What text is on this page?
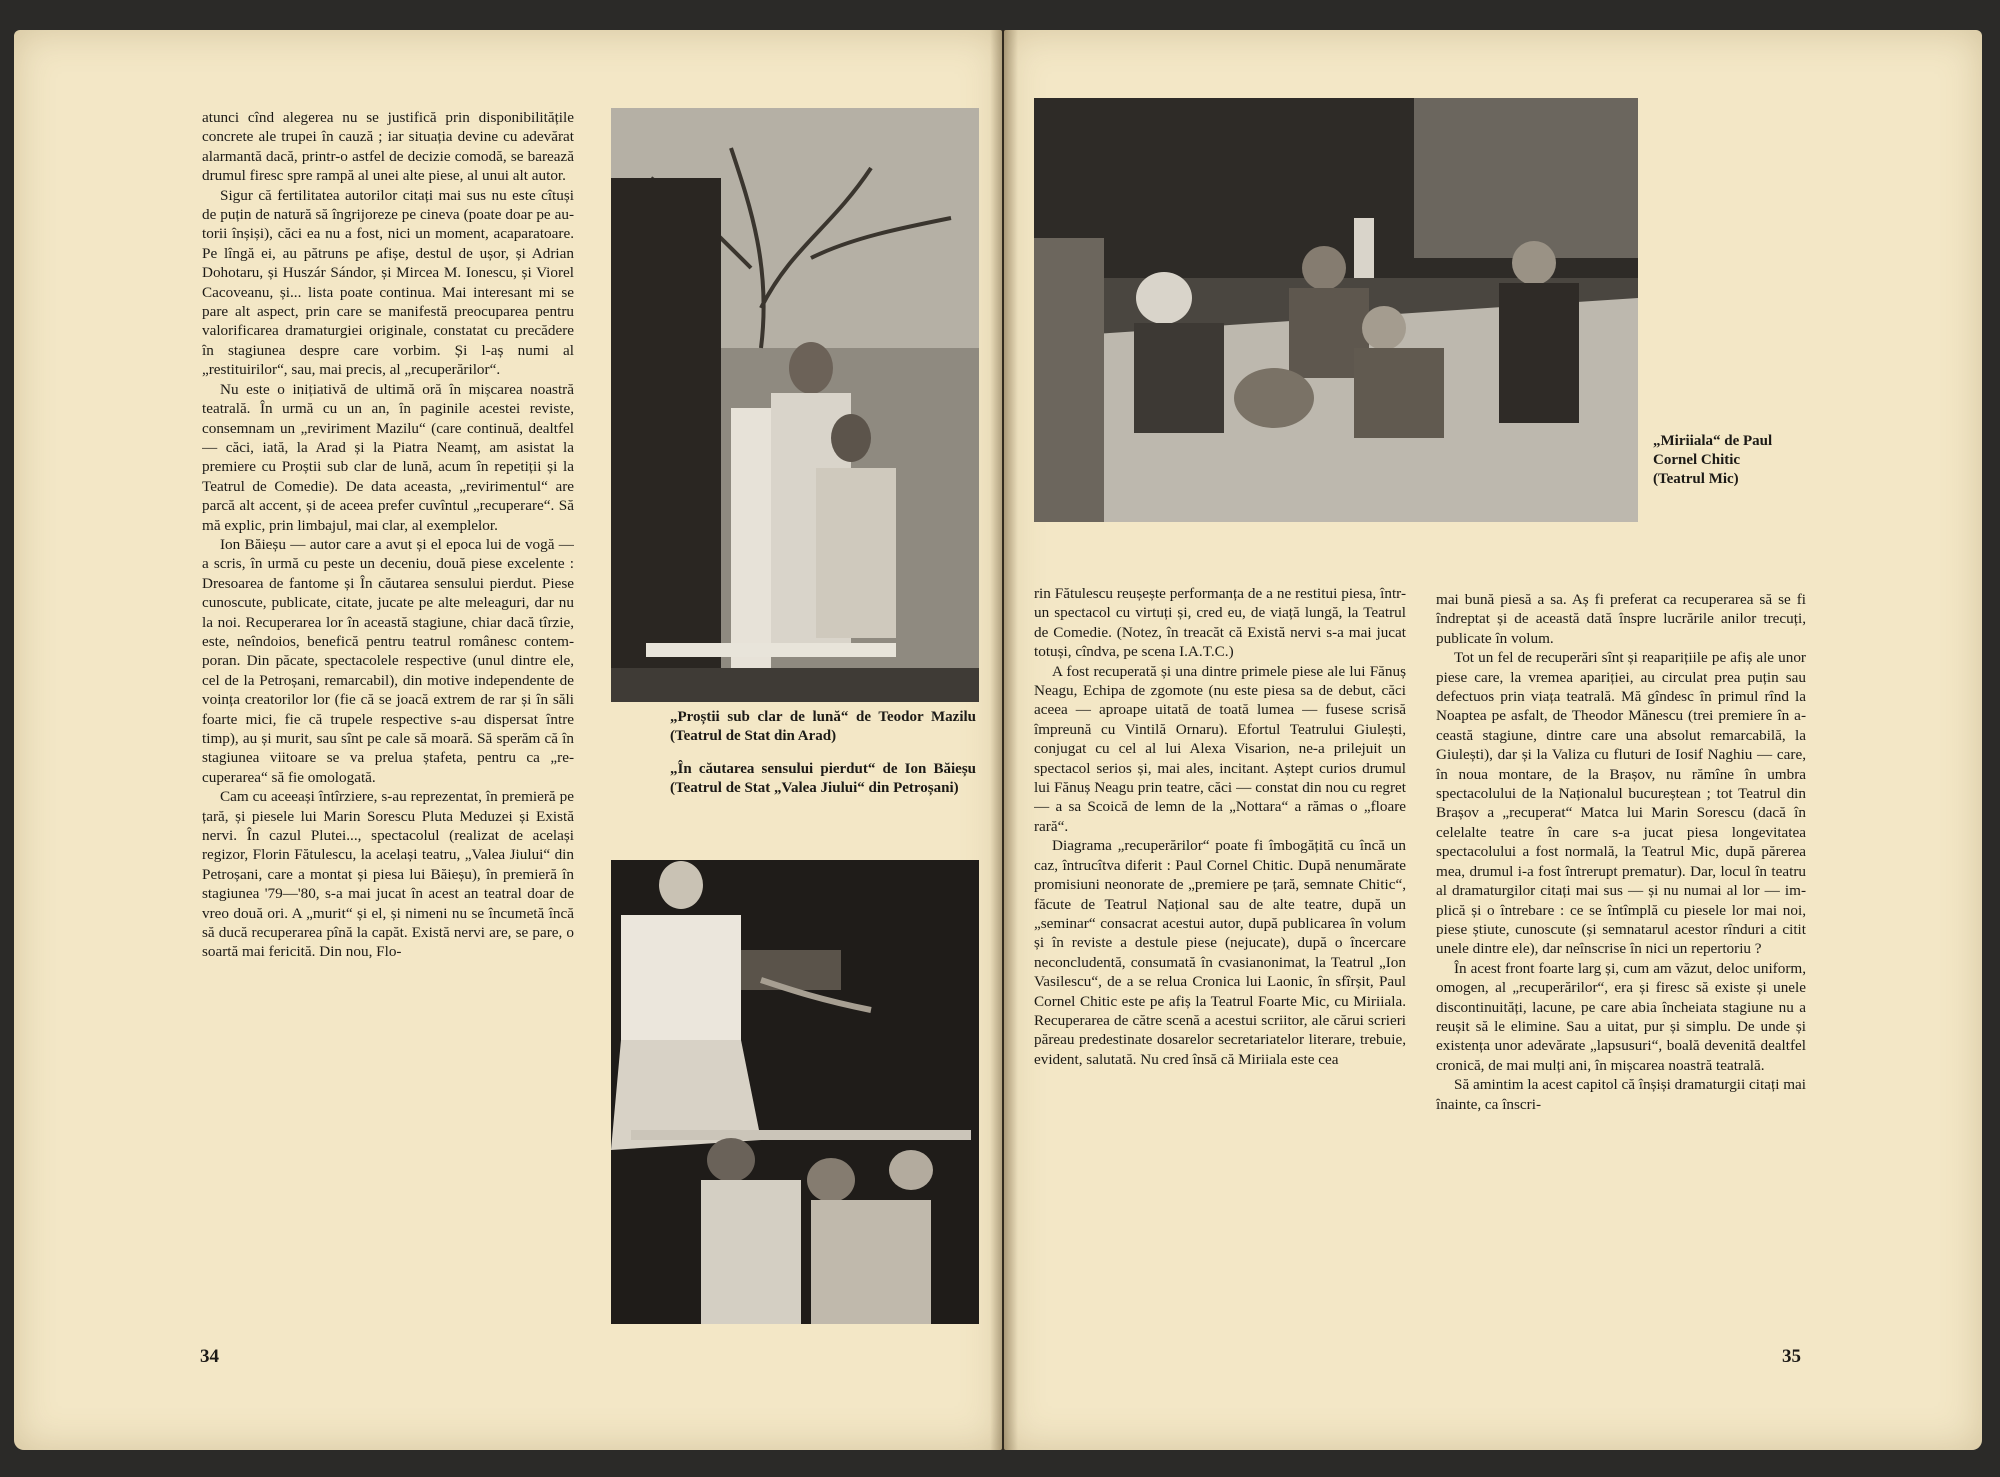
atunci cînd alegerea nu se justifică prin disponibilitățile concrete ale trupei în cauză ; iar situația devine cu adevărat alarmantă dacă, printr-o astfel de decizie comodă, se barează drumul firesc spre rampă al unei alte piese, al unui alt autor.

Sigur că fertilitatea autorilor citați mai sus nu este cîtuși de puțin de natură să îngrijoreze pe cineva (poate doar pe autorii înșiși), căci ea nu a fost, nici un moment, acaparatoare. Pe lîngă ei, au pătruns pe afișe, destul de ușor, și Adrian Dohotaru, și Huszár Sándor, și Mircea M. Ionescu, și Viorel Cacoveanu, și... lista poate continua. Mai interesant mi se pare alt aspect, prin care se manifestă preocuparea pentru valorificarea dramaturgiei originale, constatat cu precădere în stagiunea despre care vorbim. Și l-aș numi al „restituirilor“, sau, mai precis, al „recuperărilor“.

Nu este o inițiativă de ultimă oră în mișcarea noastră teatrală. În urmă cu un an, în paginile acestei reviste, consemnam un „reviriment Mazilu“ (care continuă, dealtfel — căci, iată, la Arad și la Piatra Neamț, am asistat la premiere cu Proștii sub clar de lună, acum în repetiții și la Teatrul de Comedie). De data aceasta, „revirimentul“ are parcă alt accent, și de aceea prefer cuvîntul „recuperare“. Să mă explic, prin limbajul, mai clar, al exemplelor.

Ion Băieșu — autor care a avut și el epoca lui de vogă — a scris, în urmă cu peste un deceniu, două piese excelente : Dresoarea de fantome și În căutarea sensului pierdut. Piese cunoscute, publicate, citate, jucate pe alte meleaguri, dar nu la noi. Recuperarea lor în această stagiune, chiar dacă tîrzie, este, neîndoios, benefică pentru teatrul românesc contemporan. Din păcate, spectacolele respective (unul dintre ele, cel de la Petroșani, remarcabil), din motive independente de voința creatorilor lor (fie că se joacă extrem de rar și în săli foarte mici, fie că trupele respective s-au dispersat între timp), au și murit, sau sînt pe cale să moară. Să sperăm că în stagiunea viitoare se va prelua ștafeta, pentru ca „recuperarea“ să fie omologată.

Cam cu aceeași întîrziere, s-au reprezentat, în premieră pe țară, și piesele lui Marin Sorescu Pluta Meduzei și Există nervi. În cazul Plutei..., spectacolul (realizat de același regizor, Florin Fătulescu, la același teatru, „Valea Jiului“ din Petroșani, care a montat și piesa lui Băieșu), în premieră în stagiunea '79—'80, s-a mai jucat în acest an teatral doar de vreo două ori. A „murit“ și el, și nimeni nu se încumetă încă să ducă recuperarea pînă la capăt. Există nervi are, se pare, o soartă mai fericită. Din nou, Flo-

„Proștii sub clar de lună“ de Teodor Mazilu (Teatrul de Stat din Arad)

„În căutarea sensului pierdut“ de Ion Băieșu (Teatrul de Stat „Valea Jiului“ din Petroșani)

34

„Miriiala“ de Paul Cornel Chitic (Teatrul Mic)

rin Fătulescu reușește performanța de a ne restitui piesa, într-un spectacol cu virtuți și, cred eu, de viață lungă, la Teatrul de Comedie. (Notez, în treacăt că Există nervi s-a mai jucat totuși, cîndva, pe scena I.A.T.C.)

A fost recuperată și una dintre primele piese ale lui Fănuș Neagu, Echipa de zgomote (nu este piesa sa de debut, căci aceea — aproape uitată de toată lumea — fusese scrisă împreună cu Vintilă Ornaru). Efortul Teatrului Giulești, conjugat cu cel al lui Alexa Visarion, ne-a prilejuit un spectacol serios și, mai ales, incitant. Aștept curios drumul lui Fănuș Neagu prin teatre, căci — constat din nou cu regret — a sa Scoică de lemn de la „Nottara“ a rămas o „floare rară“.

Diagrama „recuperărilor“ poate fi îmbogățită cu încă un caz, întrucîtva diferit : Paul Cornel Chitic. După nenumărate promisiuni neonorate de „premiere pe țară, semnate Chitic“, făcute de Teatrul Național sau de alte teatre, după un „seminar“ consacrat acestui autor, după publicarea în volum și în reviste a destule piese (nejucate), după o încercare neconcludentă, consumată în cvasianonimat, la Teatrul „Ion Vasilescu“, de a se relua Cronica lui Laonic, în sfîrșit, Paul Cornel Chitic este pe afiș la Teatrul Foarte Mic, cu Miriiala. Recuperarea de către scenă a acestui scriitor, ale cărui scrieri păreau predestinate dosarelor secretariatelor literare, trebuie, evident, salutată. Nu cred însă că Miriiala este cea

mai bună piesă a sa. Aș fi preferat ca recuperarea să se fi îndreptat și de această dată înspre lucrările anilor trecuți, publicate în volum.

Tot un fel de recuperări sînt și reaparițiile pe afiș ale unor piese care, la vremea apariției, au circulat prea puțin sau defectuos prin viața teatrală. Mă gîndesc în primul rînd la Noaptea pe asfalt, de Theodor Mănescu (trei premiere în această stagiune, dintre care una absolut remarcabilă, la Giulești), dar și la Valiza cu fluturi de Iosif Naghiu — care, în noua montare, de la Brașov, nu rămîne în umbra spectacolului de la Naționalul bucureștean ; tot Teatrul din Brașov a „recuperat“ Matca lui Marin Sorescu (dacă în celelalte teatre în care s-a jucat piesa longevitatea spectacolului a fost normală, la Teatrul Mic, după părerea mea, drumul i-a fost întrerupt prematur). Dar, locul în teatru al dramaturgilor citați mai sus — și nu numai al lor — implică și o întrebare : ce se întîmplă cu piesele lor mai noi, piese știute, cunoscute (și semnatarul acestor rînduri a citit unele dintre ele), dar neînscrise în nici un repertoriu ?

În acest front foarte larg și, cum am văzut, deloc uniform, omogen, al „recuperărilor“, era și firesc să existe și unele discontinuități, lacune, pe care abia încheiata stagiune nu a reușit să le elimine. Sau a uitat, pur și simplu. De unde și existența unor adevărate „lapsusuri“, boală devenită dealtfel cronică, de mai mulți ani, în mișcarea noastră teatrală.

Să amintim la acest capitol că înșiși dramaturgii citați mai înainte, ca înscri-

35
